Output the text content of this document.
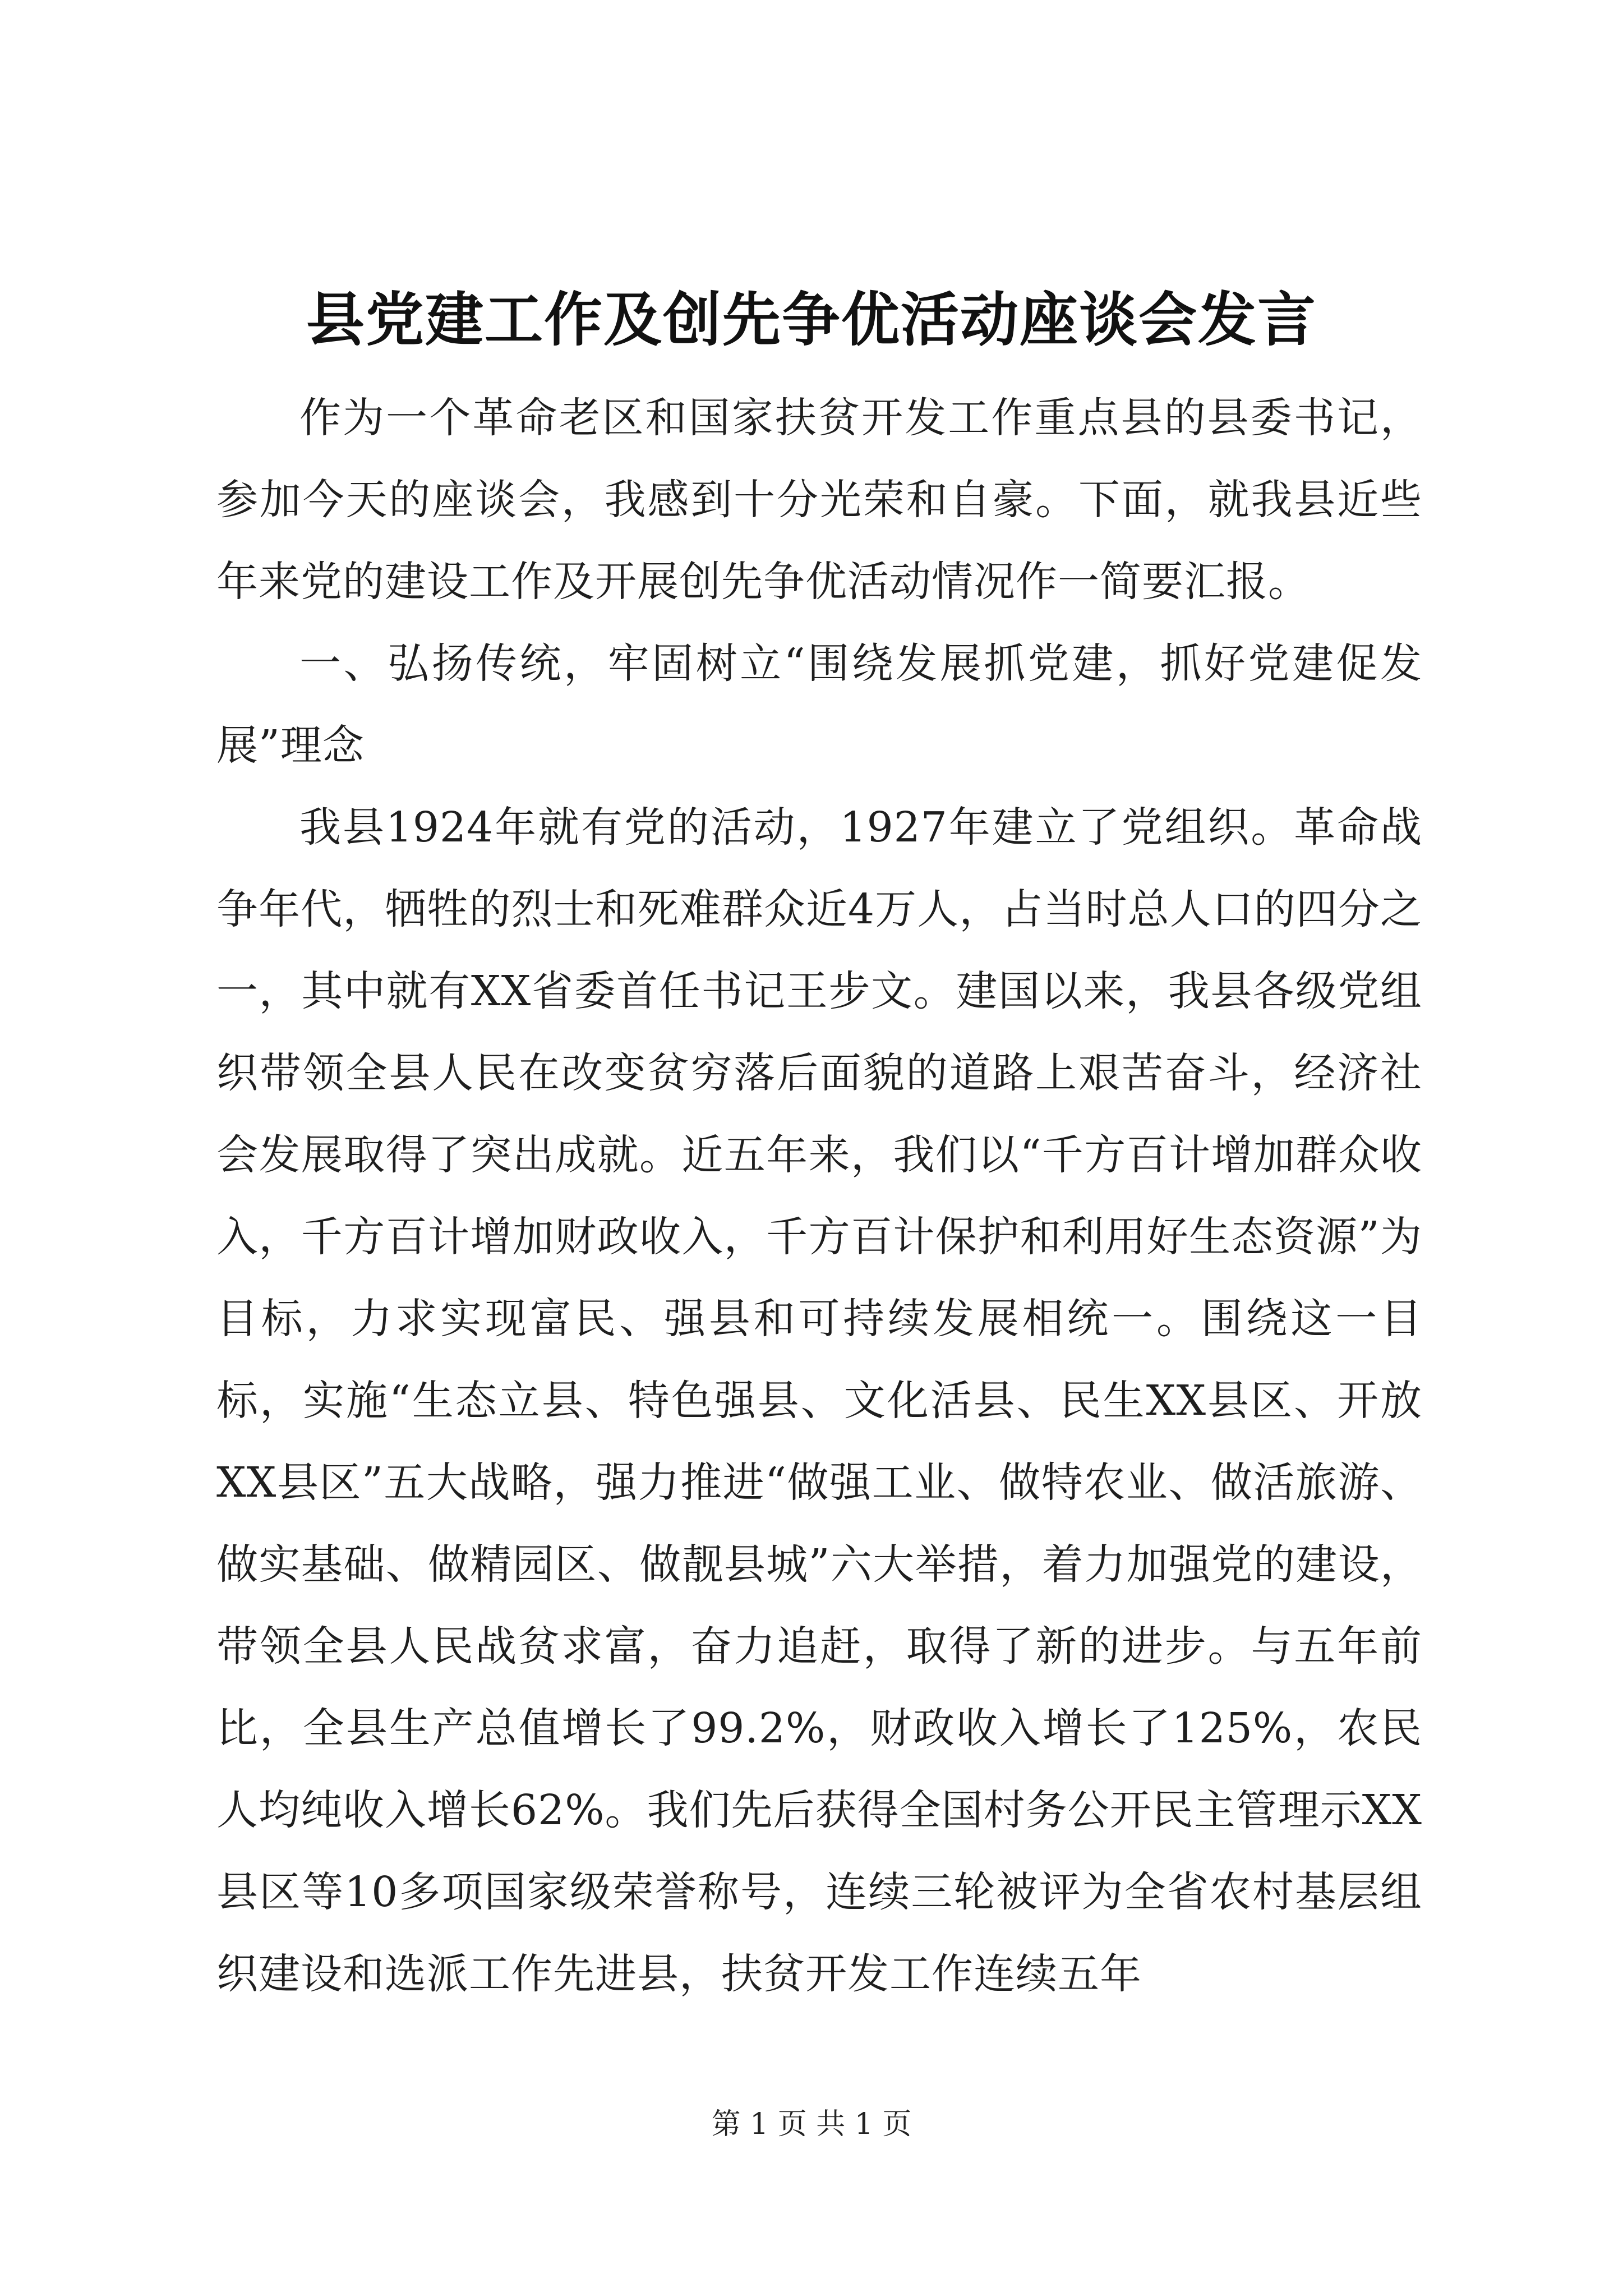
县党建工作及创先争优活动座谈会发言

作为一个革命老区和国家扶贫开发工作重点县的县委书记，参加今天的座谈会，我感到十分光荣和自豪。下面，就我县近些年来党的建设工作及开展创先争优活动情况作一简要汇报。

一、弘扬传统，牢固树立“围绕发展抓党建，抓好党建促发展”理念

我县1924年就有党的活动，1927年建立了党组织。革命战争年代，牺牲的烈士和死难群众近4万人，占当时总人口的四分之一，其中就有XX省委首任书记王步文。建国以来，我县各级党组织带领全县人民在改变贫穷落后面貌的道路上艰苦奋斗，经济社会发展取得了突出成就。近五年来，我们以“千方百计增加群众收入，千方百计增加财政收入，千方百计保护和利用好生态资源”为目标，力求实现富民、强县和可持续发展相统一。围绕这一目标，实施“生态立县、特色强县、文化活县、民生XX县区、开放XX县区”五大战略，强力推进“做强工业、做特农业、做活旅游、做实基础、做精园区、做靓县城”六大举措，着力加强党的建设，带领全县人民战贫求富，奋力追赶，取得了新的进步。与五年前比，全县生产总值增长了99.2%，财政收入增长了125%，农民人均纯收入增长62%。我们先后获得全国村务公开民主管理示XX县区等10多项国家级荣誉称号，连续三轮被评为全省农村基层组织建设和选派工作先进县，扶贫开发工作连续五年

第 1 页 共 1 页
